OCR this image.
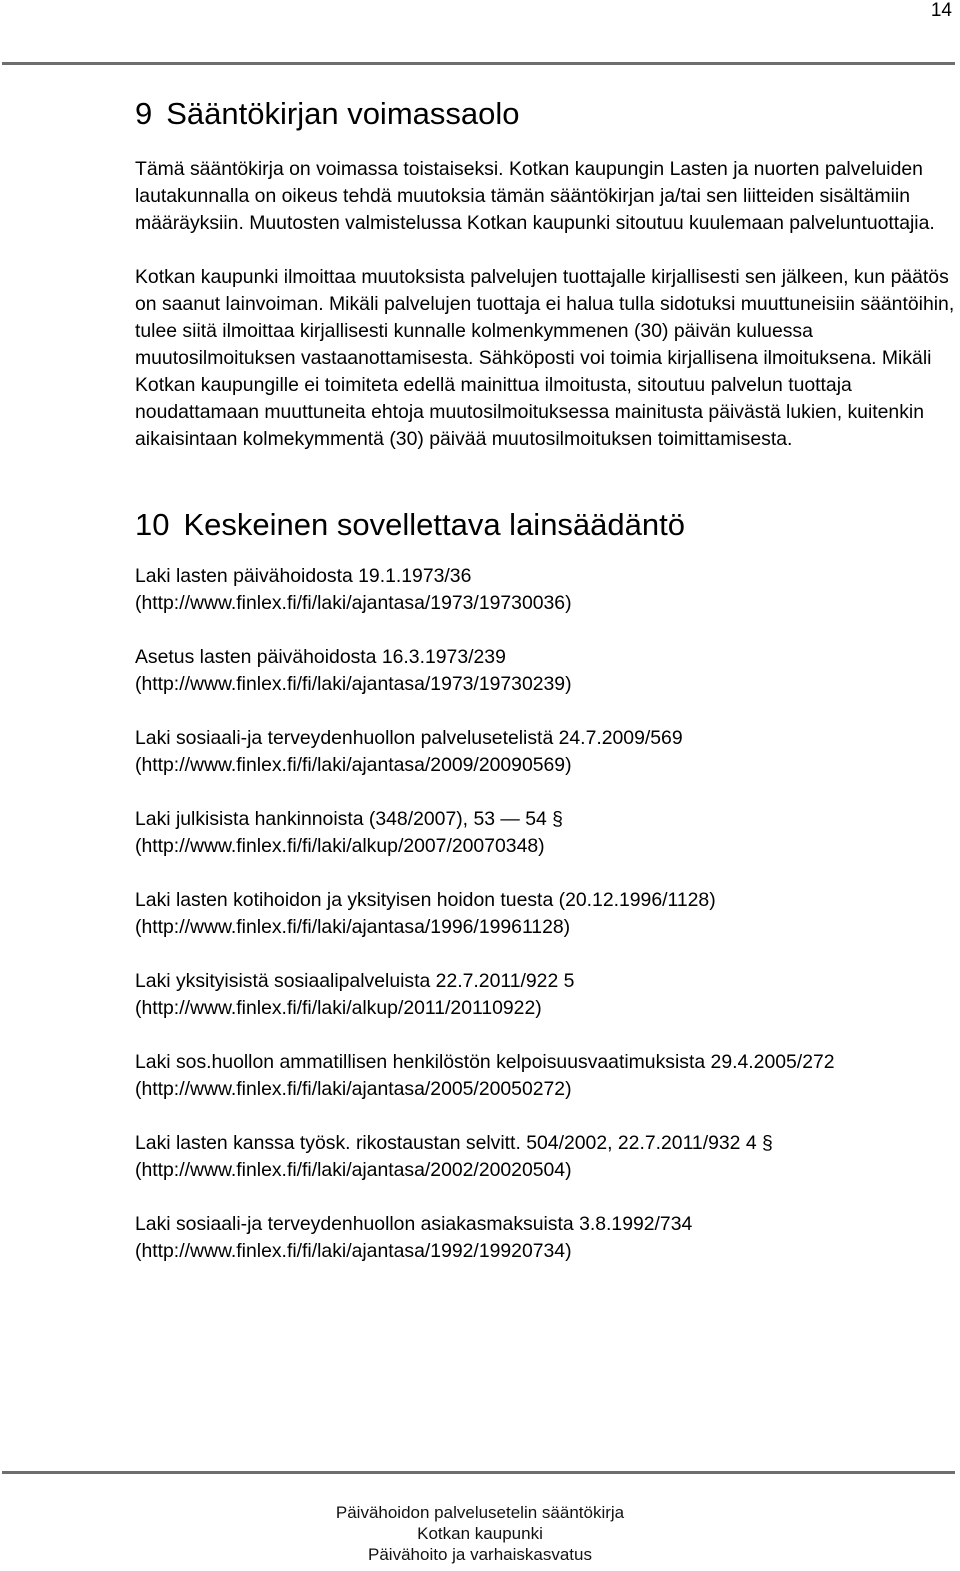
14
9 Sääntökirjan voimassaolo

Tämä sääntökirja on voimassa toistaiseksi. Kotkan kaupungin Lasten ja nuorten palveluiden lautakunnalla on oikeus tehdä muutoksia tämän sääntökirjan ja/tai sen liitteiden sisältämiin määräyksiin. Muutosten valmistelussa Kotkan kaupunki sitoutuu kuulemaan palveluntuottajia.

Kotkan kaupunki ilmoittaa muutoksista palvelujen tuottajalle kirjallisesti sen jälkeen, kun päätös on saanut lainvoiman. Mikäli palvelujen tuottaja ei halua tulla sidotuksi muuttuneisiin sääntöihin, tulee siitä ilmoittaa kirjallisesti kunnalle kolmenkymmenen (30) päivän kuluessa muutosilmoituksen vastaanottamisesta. Sähköposti voi toimia kirjallisena ilmoituksena. Mikäli Kotkan kaupungille ei toimiteta edellä mainittua ilmoitusta, sitoutuu palvelun tuottaja noudattamaan muuttuneita ehtoja muutosilmoituksessa mainitusta päivästä lukien, kuitenkin aikaisintaan kolmekymmentä (30) päivää muutosilmoituksen toimittamisesta.

10 Keskeinen sovellettava lainsäädäntö

Laki lasten päivähoidosta 19.1.1973/36

(http://www.finlex.fi/fi/laki/ajantasa/1973/19730036)

Asetus lasten päivähoidosta 16.3.1973/239

(http://www.finlex.fi/fi/laki/ajantasa/1973/19730239)

Laki sosiaali-ja terveydenhuollon palvelusetelistä 24.7.2009/569

(http://www.finlex.fi/fi/laki/ajantasa/2009/20090569)

Laki julkisista hankinnoista (348/2007), 53 — 54 §

(http://www.finlex.fi/fi/laki/alkup/2007/20070348)

Laki lasten kotihoidon ja yksityisen hoidon tuesta (20.12.1996/1128)

(http://www.finlex.fi/fi/laki/ajantasa/1996/19961128)

Laki yksityisistä sosiaalipalveluista 22.7.2011/922 5

(http://www.finlex.fi/fi/laki/alkup/2011/20110922)

Laki sos.huollon ammatillisen henkilöstön kelpoisuusvaatimuksista 29.4.2005/272

(http://www.finlex.fi/fi/laki/ajantasa/2005/20050272)

Laki lasten kanssa työsk. rikostaustan selvitt. 504/2002, 22.7.2011/932 4 §

(http://www.finlex.fi/fi/laki/ajantasa/2002/20020504)

Laki sosiaali-ja terveydenhuollon asiakasmaksuista 3.8.1992/734

(http://www.finlex.fi/fi/laki/ajantasa/1992/19920734)

Päivähoidon palvelusetelin sääntökirja
Kotkan kaupunki
Päivähoito ja varhaiskasvatus
